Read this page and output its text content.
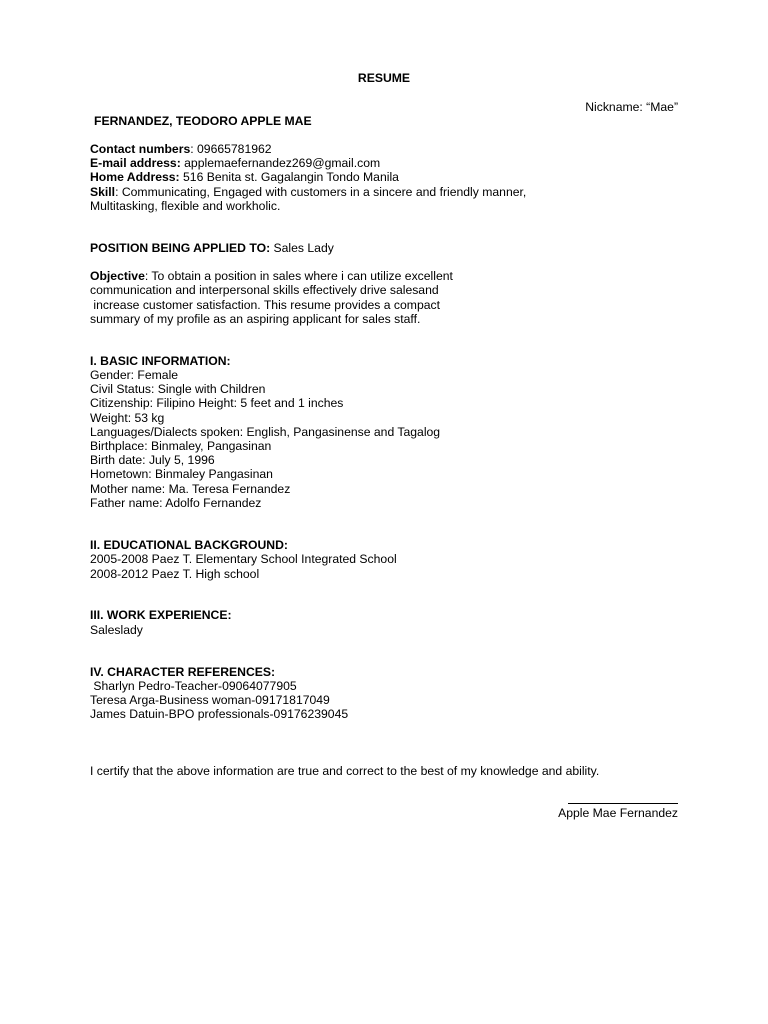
RESUME
Nickname: “Mae”
FERNANDEZ, TEODORO APPLE MAE
Contact numbers: 09665781962
E-mail address: applemaefernandez269@gmail.com
Home Address: 516 Benita st. Gagalangin Tondo Manila
Skill: Communicating, Engaged with customers in a sincere and friendly manner,
Multitasking, flexible and workholic.
POSITION BEING APPLIED TO: Sales Lady
Objective: To obtain a position in sales where i can utilize excellent
communication and interpersonal skills effectively drive salesand
increase customer satisfaction. This resume provides a compact
summary of my profile as an aspiring applicant for sales staff.
I. BASIC INFORMATION:
Gender: Female
Civil Status: Single with Children
Citizenship: Filipino Height: 5 feet and 1 inches
Weight: 53 kg
Languages/Dialects spoken: English, Pangasinense and Tagalog
Birthplace: Binmaley, Pangasinan
Birth date: July 5, 1996
Hometown: Binmaley Pangasinan
Mother name: Ma. Teresa Fernandez
Father name: Adolfo Fernandez
II. EDUCATIONAL BACKGROUND:
2005-2008 Paez T. Elementary School Integrated School
2008-2012 Paez T. High school
III. WORK EXPERIENCE:
Saleslady
IV. CHARACTER REFERENCES:
Sharlyn Pedro-Teacher-09064077905
Teresa Arga-Business woman-09171817049
James Datuin-BPO professionals-09176239045
I certify that the above information are true and correct to the best of my knowledge and ability.
Apple Mae Fernandez
